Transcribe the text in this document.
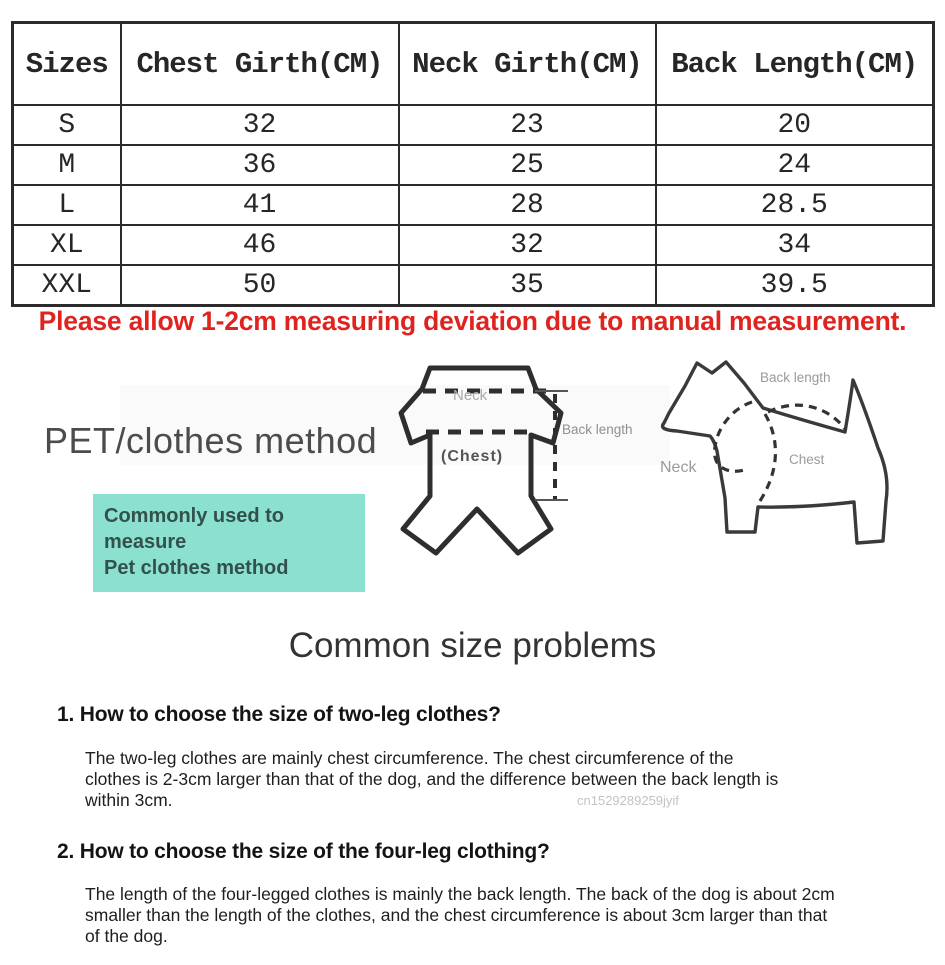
Sizes	Chest Girth(CM)	Neck Girth(CM)	Back Length(CM)
S	32	23	20
M	36	25	24
L	41	28	28.5
XL	46	32	34
XXL	50	35	39.5
Please allow 1-2cm measuring deviation due to manual measurement.
PET/clothes method
Commonly used to measure
Pet clothes method
Neck
(Chest)
Back length
Back length
Neck	Chest
Common size problems
1. How to choose the size of two-leg clothes?
The two-leg clothes are mainly chest circumference. The chest circumference of the clothes is 2-3cm larger than that of the dog, and the difference between the back length is within 3cm.	cn1529289259jyif
2. How to choose the size of the four-leg clothing?
The length of the four-legged clothes is mainly the back length. The back of the dog is about 2cm smaller than the length of the clothes, and the chest circumference is about 3cm larger than that of the dog.
